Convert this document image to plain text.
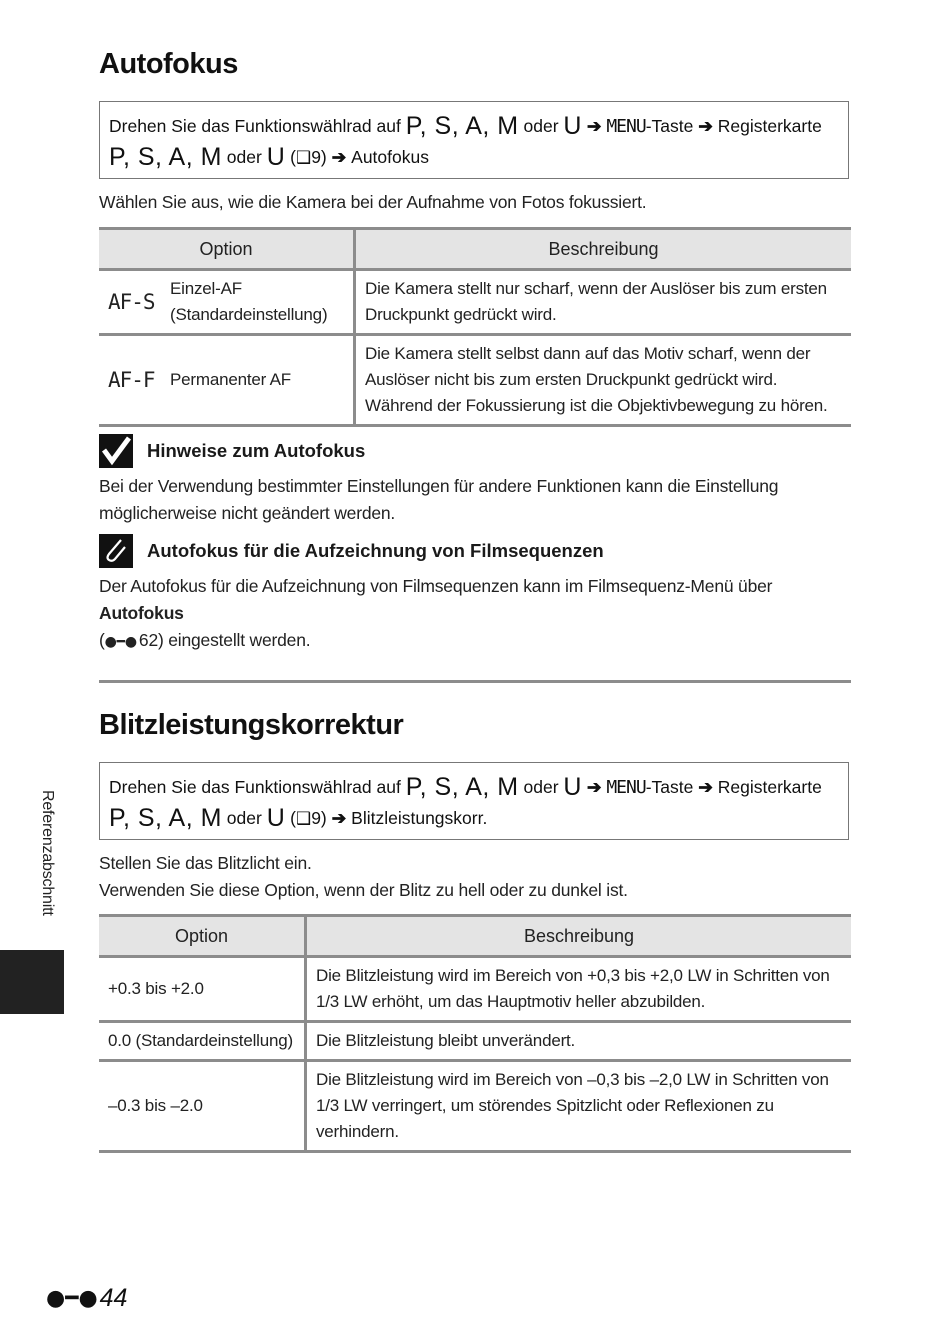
Autofokus
Drehen Sie das Funktionswählrad auf P, S, A, M oder U ➔ MENU-Taste ➔ Registerkarte
P, S, A, M oder U (❑9) ➔ Autofokus
Wählen Sie aus, wie die Kamera bei der Aufnahme von Fotos fokussiert.
Option	Beschreibung

AF-S
Einzel-AF
(Standardeinstellung)	Die Kamera stellt nur scharf, wenn der Auslöser bis zum ersten Druckpunkt gedrückt wird.

AF-F Permanenter AF	Die Kamera stellt selbst dann auf das Motiv scharf, wenn der Auslöser nicht bis zum ersten Druckpunkt gedrückt wird. Während der Fokussierung ist die Objektivbewegung zu hören.
Hinweise zum Autofokus
Bei der Verwendung bestimmter Einstellungen für andere Funktionen kann die Einstellung möglicherweise nicht geändert werden.
Autofokus für die Aufzeichnung von Filmsequenzen
Der Autofokus für die Aufzeichnung von Filmsequenzen kann im Filmsequenz-Menü über Autofokus
(●━● 62) eingestellt werden.
Blitzleistungskorrektur
Drehen Sie das Funktionswählrad auf P, S, A, M oder U ➔ MENU-Taste ➔ Registerkarte
P, S, A, M oder U (❑9) ➔ Blitzleistungskorr.
Stellen Sie das Blitzlicht ein.
Verwenden Sie diese Option, wenn der Blitz zu hell oder zu dunkel ist.
Option	Beschreibung
+0.3 bis +2.0	Die Blitzleistung wird im Bereich von +0,3 bis +2,0 LW in Schritten von 1/3 LW erhöht, um das Hauptmotiv heller abzubilden.
0.0 (Standardeinstellung)	Die Blitzleistung bleibt unverändert.
–0.3 bis –2.0	Die Blitzleistung wird im Bereich von –0,3 bis –2,0 LW in Schritten von 1/3 LW verringert, um störendes Spitzlicht oder Reflexionen zu verhindern.
Referenzabschnitt
●━● 44
